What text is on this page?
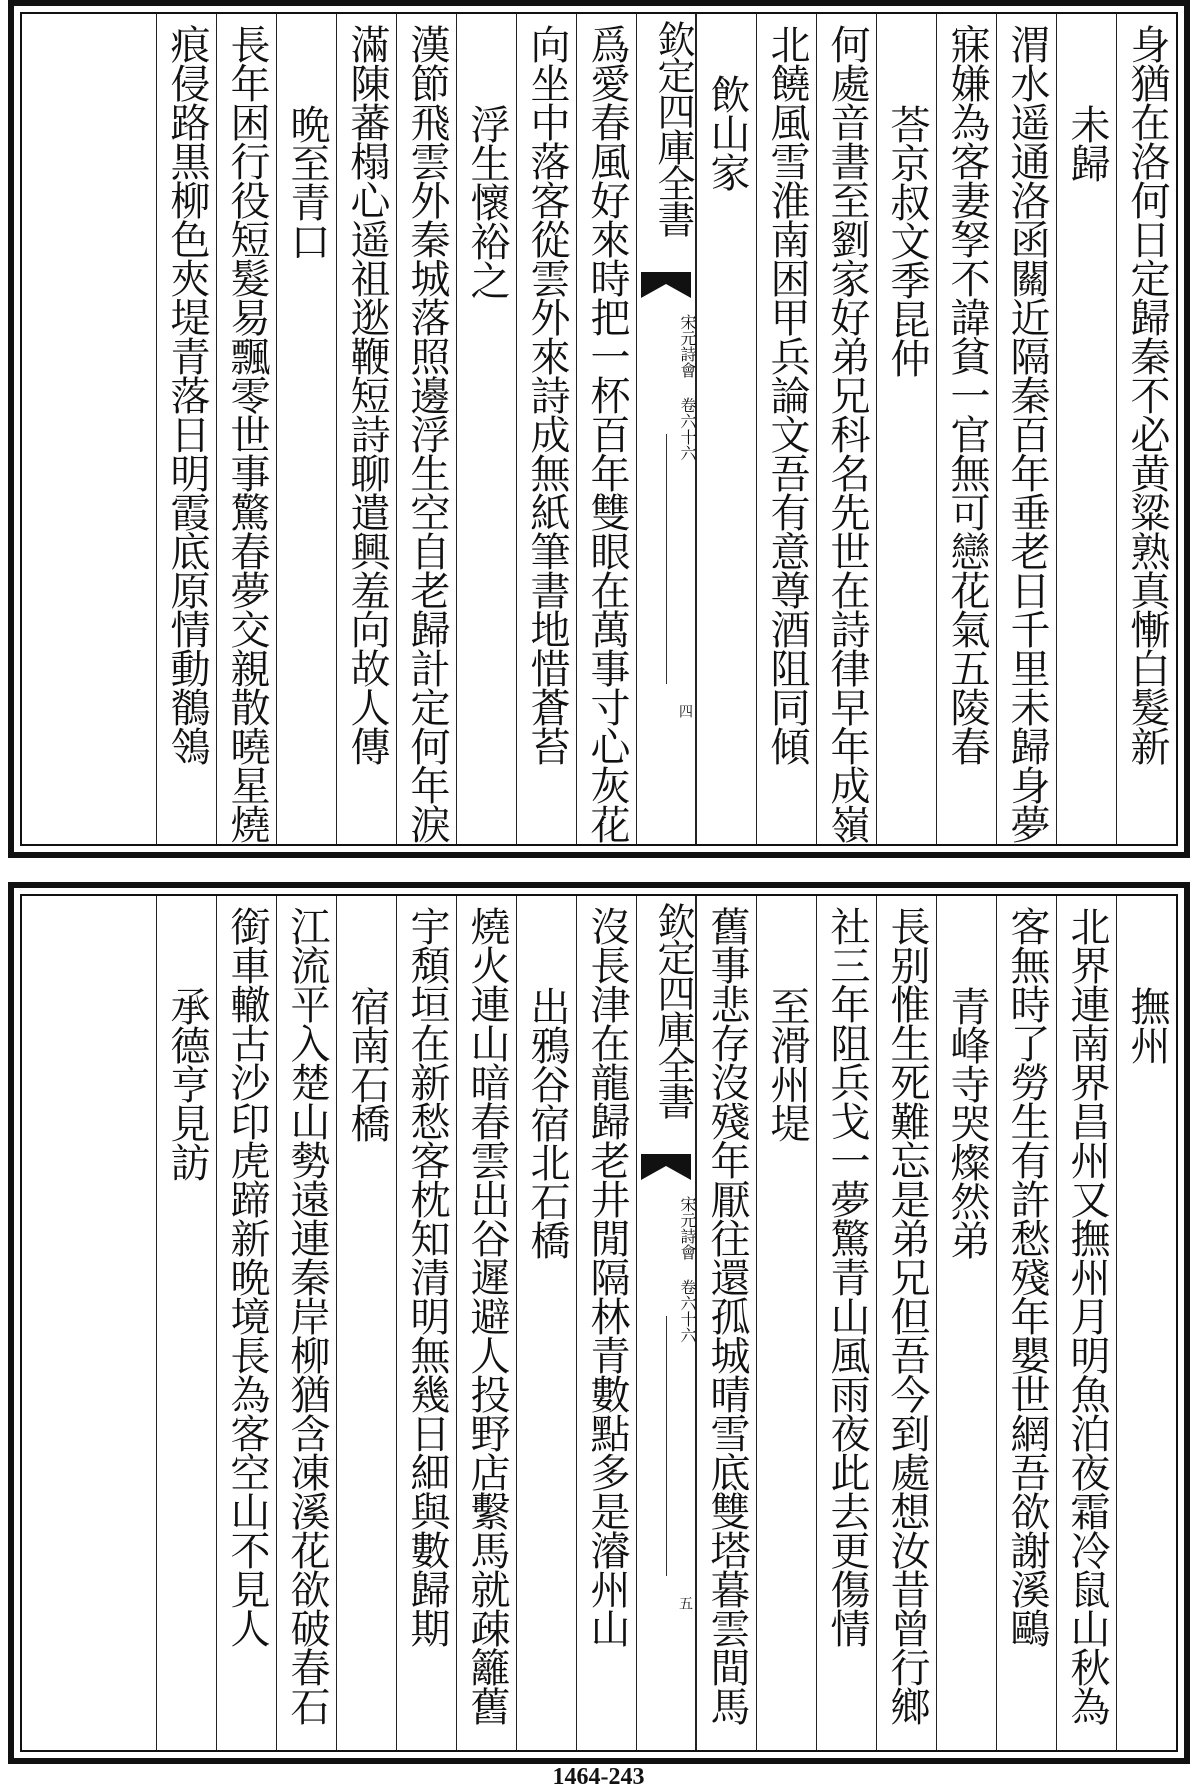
身猶在洛何日定歸秦不必黄粱熟真慚白髮新
未歸
渭水遥通洛函關近隔秦百年垂老日千里未歸身夢
寐嫌為客妻孥不諱貧一官無可戀花氣五陵春
荅京叔文季昆仲
何處音書至劉家好弟兄科名先世在詩律早年成嶺
北饒風雪淮南困甲兵論文吾有意尊酒阻同傾
飲山家
欽定四庫全書
宋元詩會 卷六十六
四
爲愛春風好來時把一杯百年雙眼在萬事寸心灰花
向坐中落客從雲外來詩成無紙筆書地惜蒼苔
浮生懷裕之
漢節飛雲外秦城落照邊浮生空自老歸計定何年淚
滿陳蕃榻心遥祖逖鞭短詩聊遣興羞向故人傳
晩至青口
長年困行役短髮易飄零世事驚春夢交親散曉星燒
痕侵路黒柳色夾堤青落日明霞底原情動鶺鴒
撫州
北界連南界昌州又撫州月明魚泊夜霜冷鼠山秋為
客無時了勞生有許愁殘年嬰世網吾欲謝溪鷗
青峰寺哭燦然弟
長别惟生死難忘是弟兄但吾今到處想汝昔曾行鄉
社三年阻兵戈一夢驚青山風雨夜此去更傷情
至滑州堤
舊事悲存沒殘年厭往還孤城晴雪底雙塔暮雲間馬
欽定四庫全書
宋元詩會 卷六十六
五
沒長津在龍歸老井閒隔林青數點多是濬州山
出鴉谷宿北石橋
燒火連山暗春雲出谷遲避人投野店繫馬就疎籬舊
宇頽垣在新愁客枕知清明無幾日細與數歸期
宿南石橋
江流平入楚山勢遠連秦岸柳猶含凍溪花欲破春石
銜車轍古沙印虎蹄新晩境長為客空山不見人
承德亨見訪
1464-243
